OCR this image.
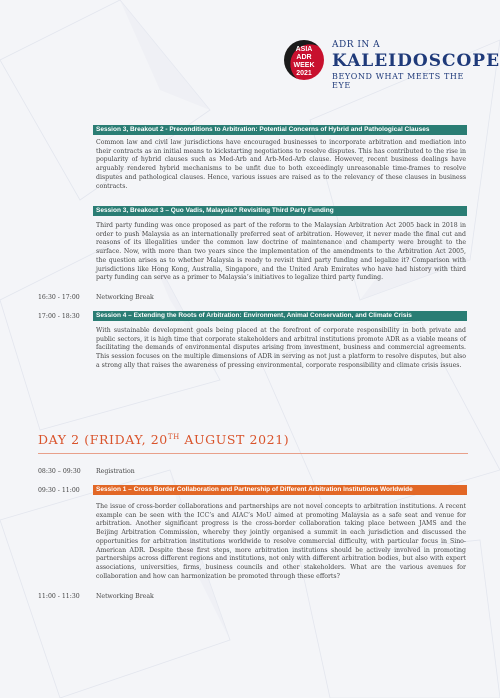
ASIA
ADR
WEEK
2021
ADR IN A
KALEIDOSCOPE
BEYOND WHAT MEETS THE EYE
Session 3, Breakout 2 - Preconditions to Arbitration: Potential Concerns of Hybrid and Pathological Clauses
Common law and civil law jurisdictions have encouraged businesses to incorporate arbitration and mediation into their contracts as an initial means to kickstarting negotiations to resolve disputes. This has contributed to the rise in popularity of hybrid clauses such as Med-Arb and Arb-Med-Arb clause. However, recent business dealings have arguably rendered hybrid mechanisms to be unfit due to both exceedingly unreasonable time-frames to resolve disputes and pathological clauses. Hence, various issues are raised as to the relevancy of these clauses in business contracts.
Session 3, Breakout 3 – Quo Vadis, Malaysia? Revisiting Third Party Funding
Third party funding was once proposed as part of the reform to the Malaysian Arbitration Act 2005 back in 2018 in order to push Malaysia as an internationally preferred seat of arbitration. However, it never made the final cut and reasons of its illegalities under the common law doctrine of maintenance and champerty were brought to the surface. Now, with more than two years since the implementation of the amendments to the Arbitration Act 2005, the question arises as to whether Malaysia is ready to revisit third party funding and legalize it? Comparison with jurisdictions like Hong Kong, Australia, Singapore, and the United Arab Emirates who have had history with third party funding can serve as a primer to Malaysia’s initiatives to legalize third party funding.
16:30 - 17:00	Networking Break
17:00 - 18:30	Session 4 – Extending the Roots of Arbitration: Environment, Animal Conservation, and Climate Crisis
With sustainable development goals being placed at the forefront of corporate responsibility in both private and public sectors, it is high time that corporate stakeholders and arbitral institutions promote ADR as a viable means of facilitating the demands of environmental disputes arising from investment, business and commercial agreements. This session focuses on the multiple dimensions of ADR in serving as not just a platform to resolve disputes, but also a strong ally that raises the awareness of pressing environmental, corporate responsibility and climate crisis issues.
DAY 2 (FRIDAY, 20TH AUGUST 2021)
08:30 – 09:30 Registration
09:30 - 11:00	Session 1 – Cross Border Collaboration and Partnership of Different Arbitration Institutions Worldwide
The issue of cross-border collaborations and partnerships are not novel concepts to arbitration institutions. A recent example can be seen with the ICC’s and AIAC’s MoU aimed at promoting Malaysia as a safe seat and venue for arbitration. Another significant progress is the cross-border collaboration taking place between JAMS and the Beijing Arbitration Commission, whereby they jointly organised a summit in each jurisdiction and discussed the opportunities for arbitration institutions worldwide to resolve commercial difficulty, with particular focus in Sino-American ADR. Despite these first steps, more arbitration institutions should be actively involved in promoting partnerships across different regions and institutions, not only with different arbitration bodies, but also with expert associations, universities, firms, business councils and other stakeholders. What are the various avenues for collaboration and how can harmonization be promoted through these efforts?
11:00 - 11:30	Networking Break
